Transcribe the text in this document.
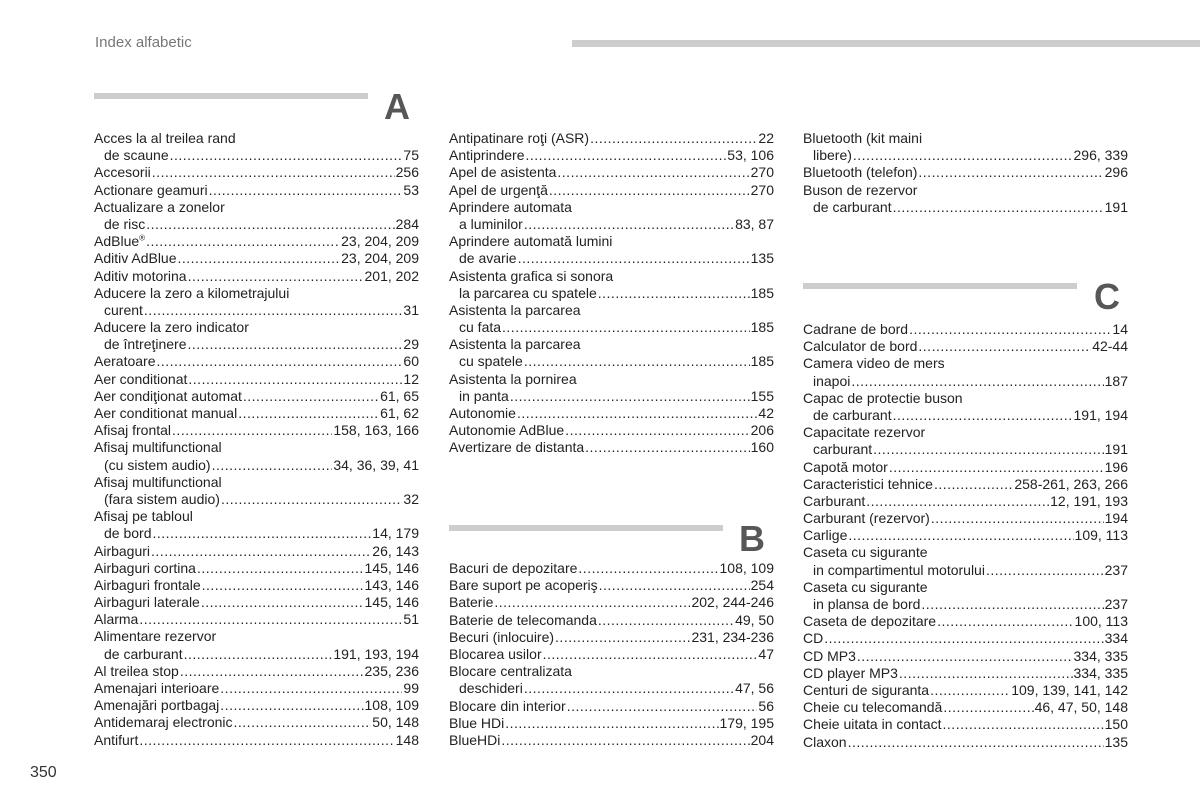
Index alfabetic
A
B
C
Acces la al treilea rand
de scaune .....	75
Accesorii .....	256
Actionare geamuri .....	53
Actualizare a zonelor
de risc .....	284
AdBlue ® .....	23, 204, 209
Aditiv AdBlue .....	23, 204, 209
Aditiv motorina .....	201, 202
Aducere la zero a kilometrajului
curent .....	31
Aducere la zero indicator
de întreţinere .....	29
Aeratoare .....	60
Aer conditionat .....	12
Aer condiţionat automat .....	61, 65
Aer conditionat manual .....	61, 62
Afisaj frontal .....	158, 163, 166
Afisaj multifunctional
(cu sistem audio) .....	34, 36, 39, 41
Afisaj multifunctional
(fara sistem audio) .....	32
Afisaj pe tabloul
de bord .....	14, 179
Airbaguri .....	26, 143
Airbaguri cortina .....	145, 146
Airbaguri frontale .....	143, 146
Airbaguri laterale .....	145, 146
Alarma .....	51
Alimentare rezervor
de carburant .....	191, 193, 194
Al treilea stop .....	235, 236
Amenajari interioare .....	99
Amenajări portbagaj .....	108, 109
Antidemaraj electronic .....	50, 148
Antifurt .....	148
Antipatinare roţi (ASR) .....	22
Antiprindere .....	53, 106
Apel de asistenta .....	270
Apel de urgenţă .....	270
Aprindere automata
a luminilor .....	83, 87
Aprindere automată lumini
de avarie .....	135
Asistenta grafica si sonora
la parcarea cu spatele .....	185
Asistenta la parcarea
cu fata .....	185
Asistenta la parcarea
cu spatele .....	185
Asistenta la pornirea
in panta .....	155
Autonomie .....	42
Autonomie AdBlue .....	206
Avertizare de distanta .....	160
Bacuri de depozitare .....	108, 109
Bare suport pe acoperiş .....	254
Baterie .....	202, 244-246
Baterie de telecomanda .....	49, 50
Becuri (inlocuire) .....	231, 234-236
Blocarea usilor .....	47
Blocare centralizata
deschideri .....	47, 56
Blocare din interior .....	56
Blue HDi .....	179, 195
BlueHDi .....	204
Bluetooth (kit maini
libere) .....	296, 339
Bluetooth (telefon) .....	296
Buson de rezervor
de carburant .....	191
Cadrane de bord .....	14
Calculator de bord .....	42-44
Camera video de mers
inapoi .....	187
Capac de protectie buson
de carburant .....	191, 194
Capacitate rezervor
carburant .....	191
Capotă motor .....	196
Caracteristici tehnice .....	258-261, 263, 266
Carburant .....	12, 191, 193
Carburant (rezervor) .....	194
Carlige .....	109, 113
Caseta cu sigurante
in compartimentul motorului .....	237
Caseta cu sigurante
in plansa de bord .....	237
Caseta de depozitare .....	100, 113
CD .....	334
CD MP3 .....	334, 335
CD player MP3 .....	334, 335
Centuri de siguranta .....	109, 139, 141, 142
Cheie cu telecomandă .....	46, 47, 50, 148
Cheie uitata in contact .....	150
Claxon .....	135
350
